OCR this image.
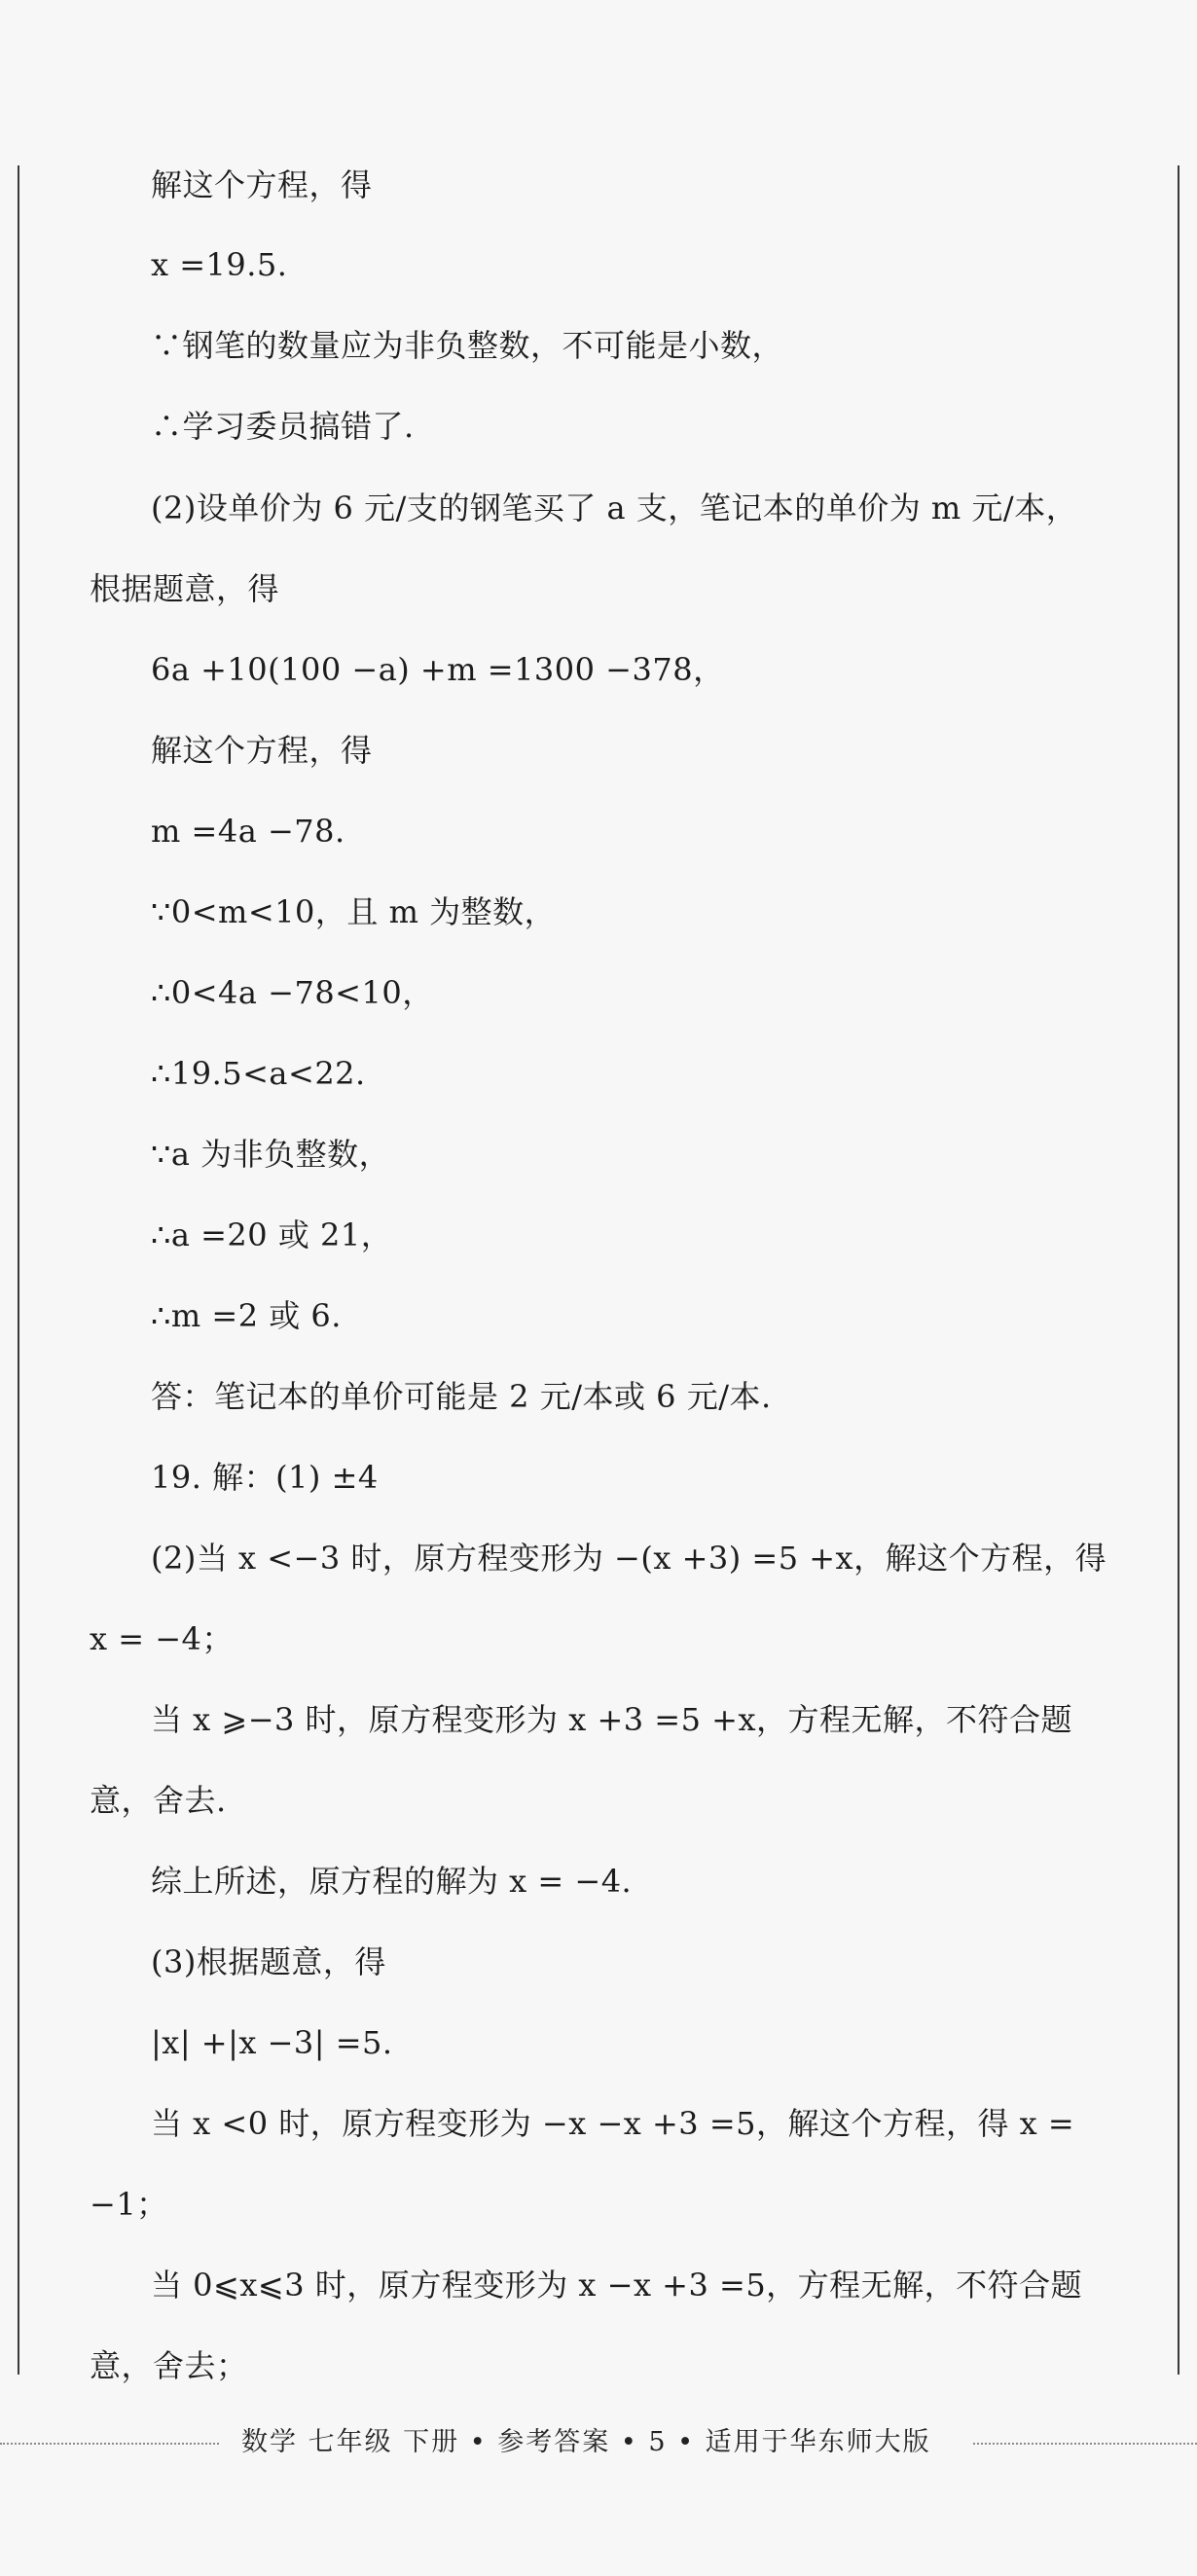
解这个方程，得
x =19.5.
∵钢笔的数量应为非负整数，不可能是小数，
∴学习委员搞错了.
(2)设单价为 6 元/支的钢笔买了 a 支，笔记本的单价为 m 元/本，
根据题意，得
6a +10(100 −a) +m =1300 −378，
解这个方程，得
m =4a −78.
∵0<m<10，且 m 为整数，
∴0<4a −78<10，
∴19.5<a<22.
∵a 为非负整数，
∴a =20 或 21，
∴m =2 或 6.
答：笔记本的单价可能是 2 元/本或 6 元/本.
19. 解：(1) ±4
(2)当 x <−3 时，原方程变形为 −(x +3) =5 +x，解这个方程，得
x = −4；
当 x ⩾−3 时，原方程变形为 x +3 =5 +x，方程无解，不符合题
意，舍去.
综上所述，原方程的解为 x = −4.
(3)根据题意，得
|x| +|x −3| =5.
当 x <0 时，原方程变形为 −x −x +3 =5，解这个方程，得 x =
−1；
当 0⩽x⩽3 时，原方程变形为 x −x +3 =5，方程无解，不符合题
意，舍去；
数学 七年级 下册 • 参考答案 • 5 • 适用于华东师大版
